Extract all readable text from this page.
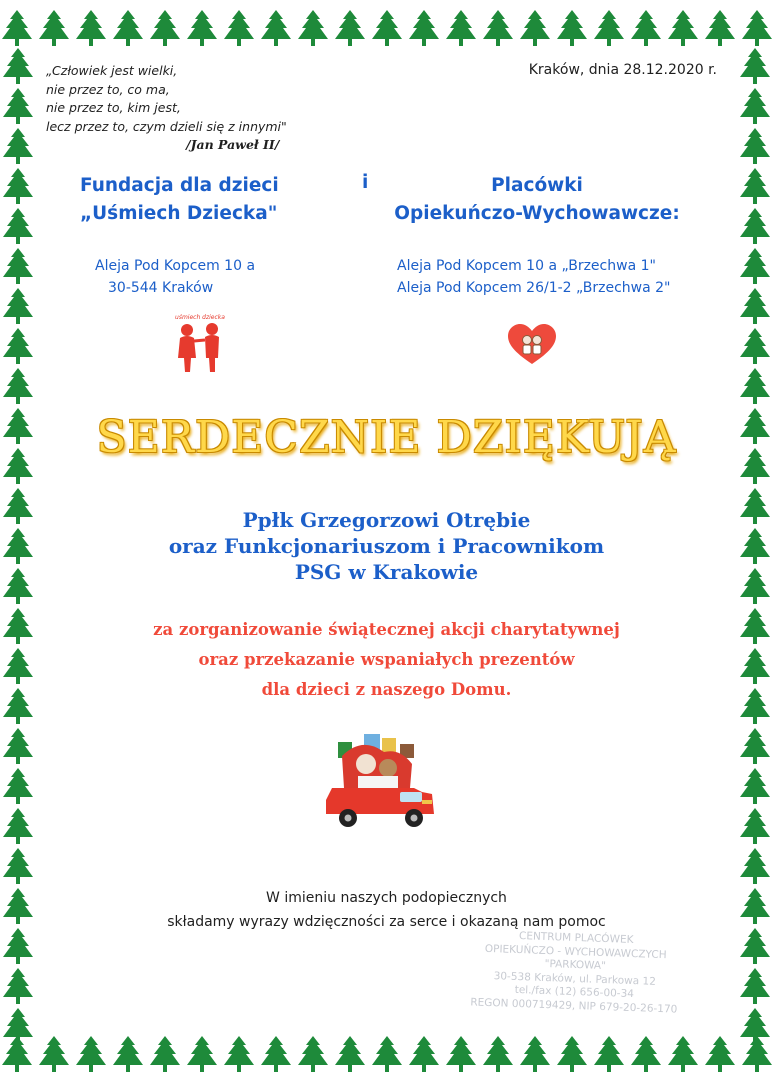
„Człowiek jest wielki,
nie przez to, co ma,
nie przez to, kim jest,
lecz przez to, czym dzieli się z innymi"
/Jan Paweł II/
Kraków, dnia 28.12.2020 r.
Fundacja dla dzieci
„Uśmiech Dziecka"
i	Placówki
Opiekuńczo-Wychowawcze:
Aleja Pod Kopcem 10 a
30-544 Kraków
Aleja Pod Kopcem 10 a „Brzechwa 1"
Aleja Pod Kopcem 26/1-2 „Brzechwa 2"
uśmiech dziecka
SERDECZNIE DZIĘKUJĄ
Ppłk Grzegorzowi Otrębie
oraz Funkcjonariuszom i Pracownikom
PSG w Krakowie
za zorganizowanie świątecznej akcji charytatywnej
oraz przekazanie wspaniałych prezentów
dla dzieci z naszego Domu.
W imieniu naszych podopiecznych
składamy wyrazy wdzięczności za serce i okazaną nam pomoc
CENTRUM PLACÓWEK
OPIEKUŃCZO - WYCHOWAWCZYCH
"PARKOWA"
30-538 Kraków, ul. Parkowa 12
tel./fax (12) 656-00-34
REGON 000719429, NIP 679-20-26-170
